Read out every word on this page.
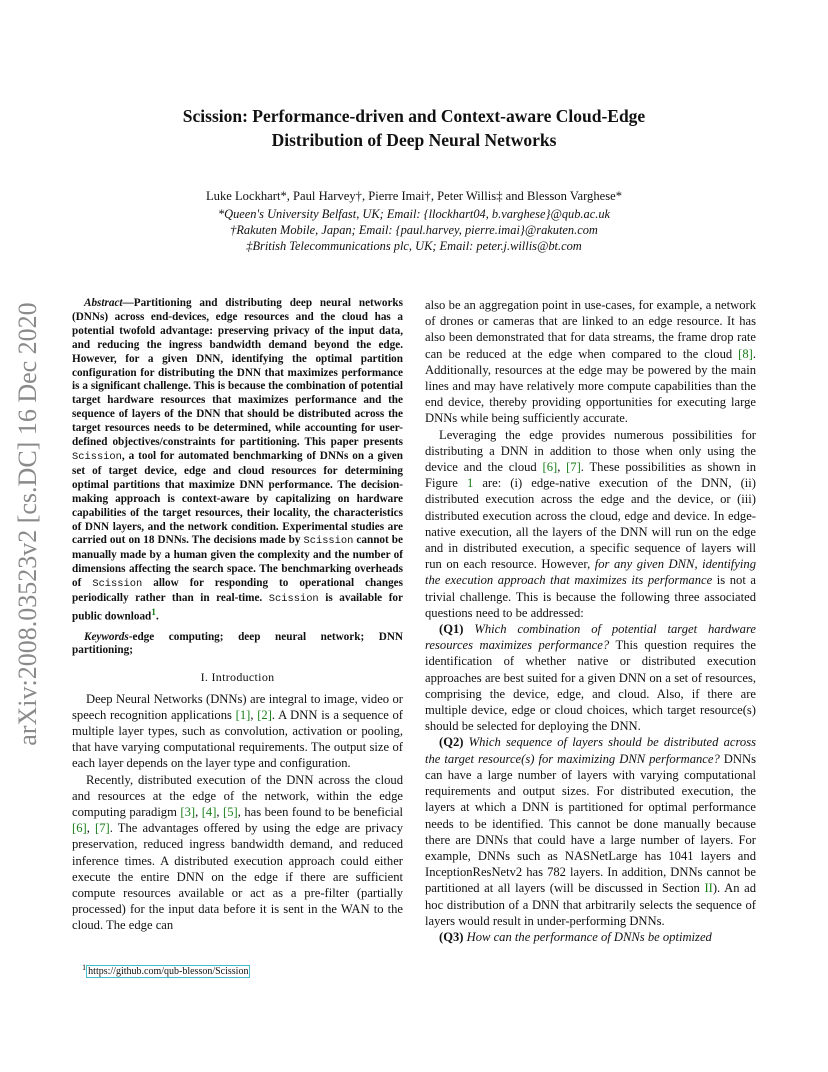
Scission: Performance-driven and Context-aware Cloud-Edge
Distribution of Deep Neural Networks
Luke Lockhart*, Paul Harvey†, Pierre Imai†, Peter Willis‡ and Blesson Varghese*
*Queen's University Belfast, UK; Email: {llockhart04, b.varghese}@qub.ac.uk
†Rakuten Mobile, Japan; Email: {paul.harvey, pierre.imai}@rakuten.com
‡British Telecommunications plc, UK; Email: peter.j.willis@bt.com
arXiv:2008.03523v2 [cs.DC] 16 Dec 2020	Abstract—Partitioning and distributing deep neural networks (DNNs) across end-devices, edge resources and the cloud has a potential twofold advantage: preserving privacy of the input data, and reducing the ingress bandwidth demand beyond the edge. However, for a given DNN, identifying the optimal partition configuration for distributing the DNN that maximizes performance is a significant challenge. This is because the combination of potential target hardware resources that maximizes performance and the sequence of layers of the DNN that should be distributed across the target resources needs to be determined, while accounting for user-defined objectives/constraints for partitioning. This paper presents Scission, a tool for automated benchmarking of DNNs on a given set of target device, edge and cloud resources for determining optimal partitions that maximize DNN performance. The decision-making approach is context-aware by capitalizing on hardware capabilities of the target resources, their locality, the characteristics of DNN layers, and the network condition. Experimental studies are carried out on 18 DNNs. The decisions made by Scission cannot be manually made by a human given the complexity and the number of dimensions affecting the search space. The benchmarking overheads of Scission allow for responding to operational changes periodically rather than in real-time. Scission is available for public download$^1$.

Keywords-edge computing; deep neural network; DNN partitioning;

I. Introduction

Deep Neural Networks (DNNs) are integral to image, video or speech recognition applications [1], [2]. A DNN is a sequence of multiple layer types, such as convolution, activation or pooling, that have varying computational requirements. The output size of each layer depends on the layer type and configuration.

Recently, distributed execution of the DNN across the cloud and resources at the edge of the network, within the edge computing paradigm [3], [4], [5], has been found to be beneficial [6], [7]. The advantages offered by using the edge are privacy preservation, reduced ingress bandwidth demand, and reduced inference times. A distributed execution approach could either execute the entire DNN on the edge if there are sufficient compute resources available or act as a pre-filter (partially processed) for the input data before it is sent in the WAN to the cloud. The edge can

$^1$ https://github.com/qub-blesson/Scission

also be an aggregation point in use-cases, for example, a network of drones or cameras that are linked to an edge resource. It has also been demonstrated that for data streams, the frame drop rate can be reduced at the edge when compared to the cloud [8]. Additionally, resources at the edge may be powered by the main lines and may have relatively more compute capabilities than the end device, thereby providing opportunities for executing large DNNs while being sufficiently accurate.

Leveraging the edge provides numerous possibilities for distributing a DNN in addition to those when only using the device and the cloud [6], [7]. These possibilities as shown in Figure 1 are: (i) edge-native execution of the DNN, (ii) distributed execution across the edge and the device, or (iii) distributed execution across the cloud, edge and device. In edge-native execution, all the layers of the DNN will run on the edge and in distributed execution, a specific sequence of layers will run on each resource. However, for any given DNN, identifying the execution approach that maximizes its performance is not a trivial challenge. This is because the following three associated questions need to be addressed:

(Q1) Which combination of potential target hardware resources maximizes performance? This question requires the identification of whether native or distributed execution approaches are best suited for a given DNN on a set of resources, comprising the device, edge, and cloud. Also, if there are multiple device, edge or cloud choices, which target resource(s) should be selected for deploying the DNN.

(Q2) Which sequence of layers should be distributed across the target resource(s) for maximizing DNN performance? DNNs can have a large number of layers with varying computational requirements and output sizes. For distributed execution, the layers at which a DNN is partitioned for optimal performance needs to be identified. This cannot be done manually because there are DNNs that could have a large number of layers. For example, DNNs such as NASNetLarge has 1041 layers and InceptionResNetv2 has 782 layers. In addition, DNNs cannot be partitioned at all layers (will be discussed in Section II). An ad hoc distribution of a DNN that arbitrarily selects the sequence of layers would result in under-performing DNNs.

(Q3) How can the performance of DNNs be optimized
